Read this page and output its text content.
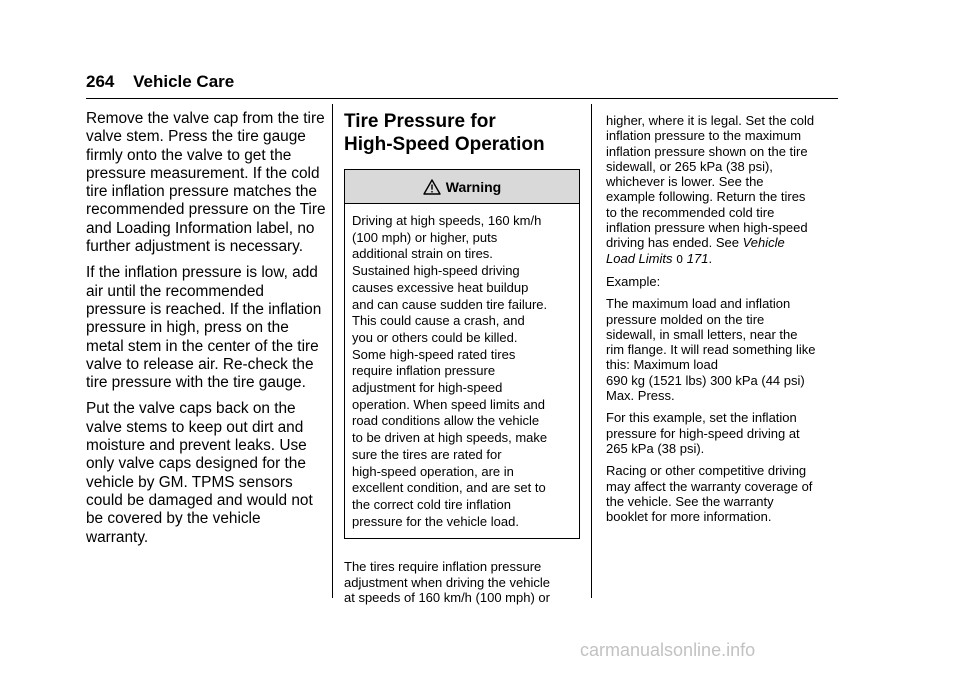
264 Vehicle Care

Remove the valve cap from the tire valve stem. Press the tire gauge firmly onto the valve to get the pressure measurement. If the cold tire inflation pressure matches the recommended pressure on the Tire and Loading Information label, no further adjustment is necessary.

If the inflation pressure is low, add air until the recommended pressure is reached. If the inflation pressure in high, press on the metal stem in the center of the tire valve to release air. Re-check the tire pressure with the tire gauge.

Put the valve caps back on the valve stems to keep out dirt and moisture and prevent leaks. Use only valve caps designed for the vehicle by GM. TPMS sensors could be damaged and would not be covered by the vehicle warranty.

Tire Pressure for
High-Speed Operation
Warning
Driving at high speeds, 160 km/h
(100 mph) or higher, puts
additional strain on tires.
Sustained high-speed driving
causes excessive heat buildup
and can cause sudden tire failure.
This could cause a crash, and
you or others could be killed.
Some high-speed rated tires
require inflation pressure
adjustment for high-speed
operation. When speed limits and
road conditions allow the vehicle
to be driven at high speeds, make
sure the tires are rated for
high-speed operation, are in
excellent condition, and are set to
the correct cold tire inflation
pressure for the vehicle load.
The tires require inflation pressure
adjustment when driving the vehicle
at speeds of 160 km/h (100 mph) or

higher, where it is legal. Set the cold
inflation pressure to the maximum
inflation pressure shown on the tire
sidewall, or 265 kPa (38 psi),
whichever is lower. See the
example following. Return the tires
to the recommended cold tire
inflation pressure when high-speed
driving has ended. See Vehicle
Load Limits 0 171.

Example:

The maximum load and inflation
pressure molded on the tire
sidewall, in small letters, near the
rim flange. It will read something like
this: Maximum load
690 kg (1521 lbs) 300 kPa (44 psi)
Max. Press.

For this example, set the inflation
pressure for high-speed driving at
265 kPa (38 psi).

Racing or other competitive driving
may affect the warranty coverage of
the vehicle. See the warranty
booklet for more information.

carmanualsonline.info
